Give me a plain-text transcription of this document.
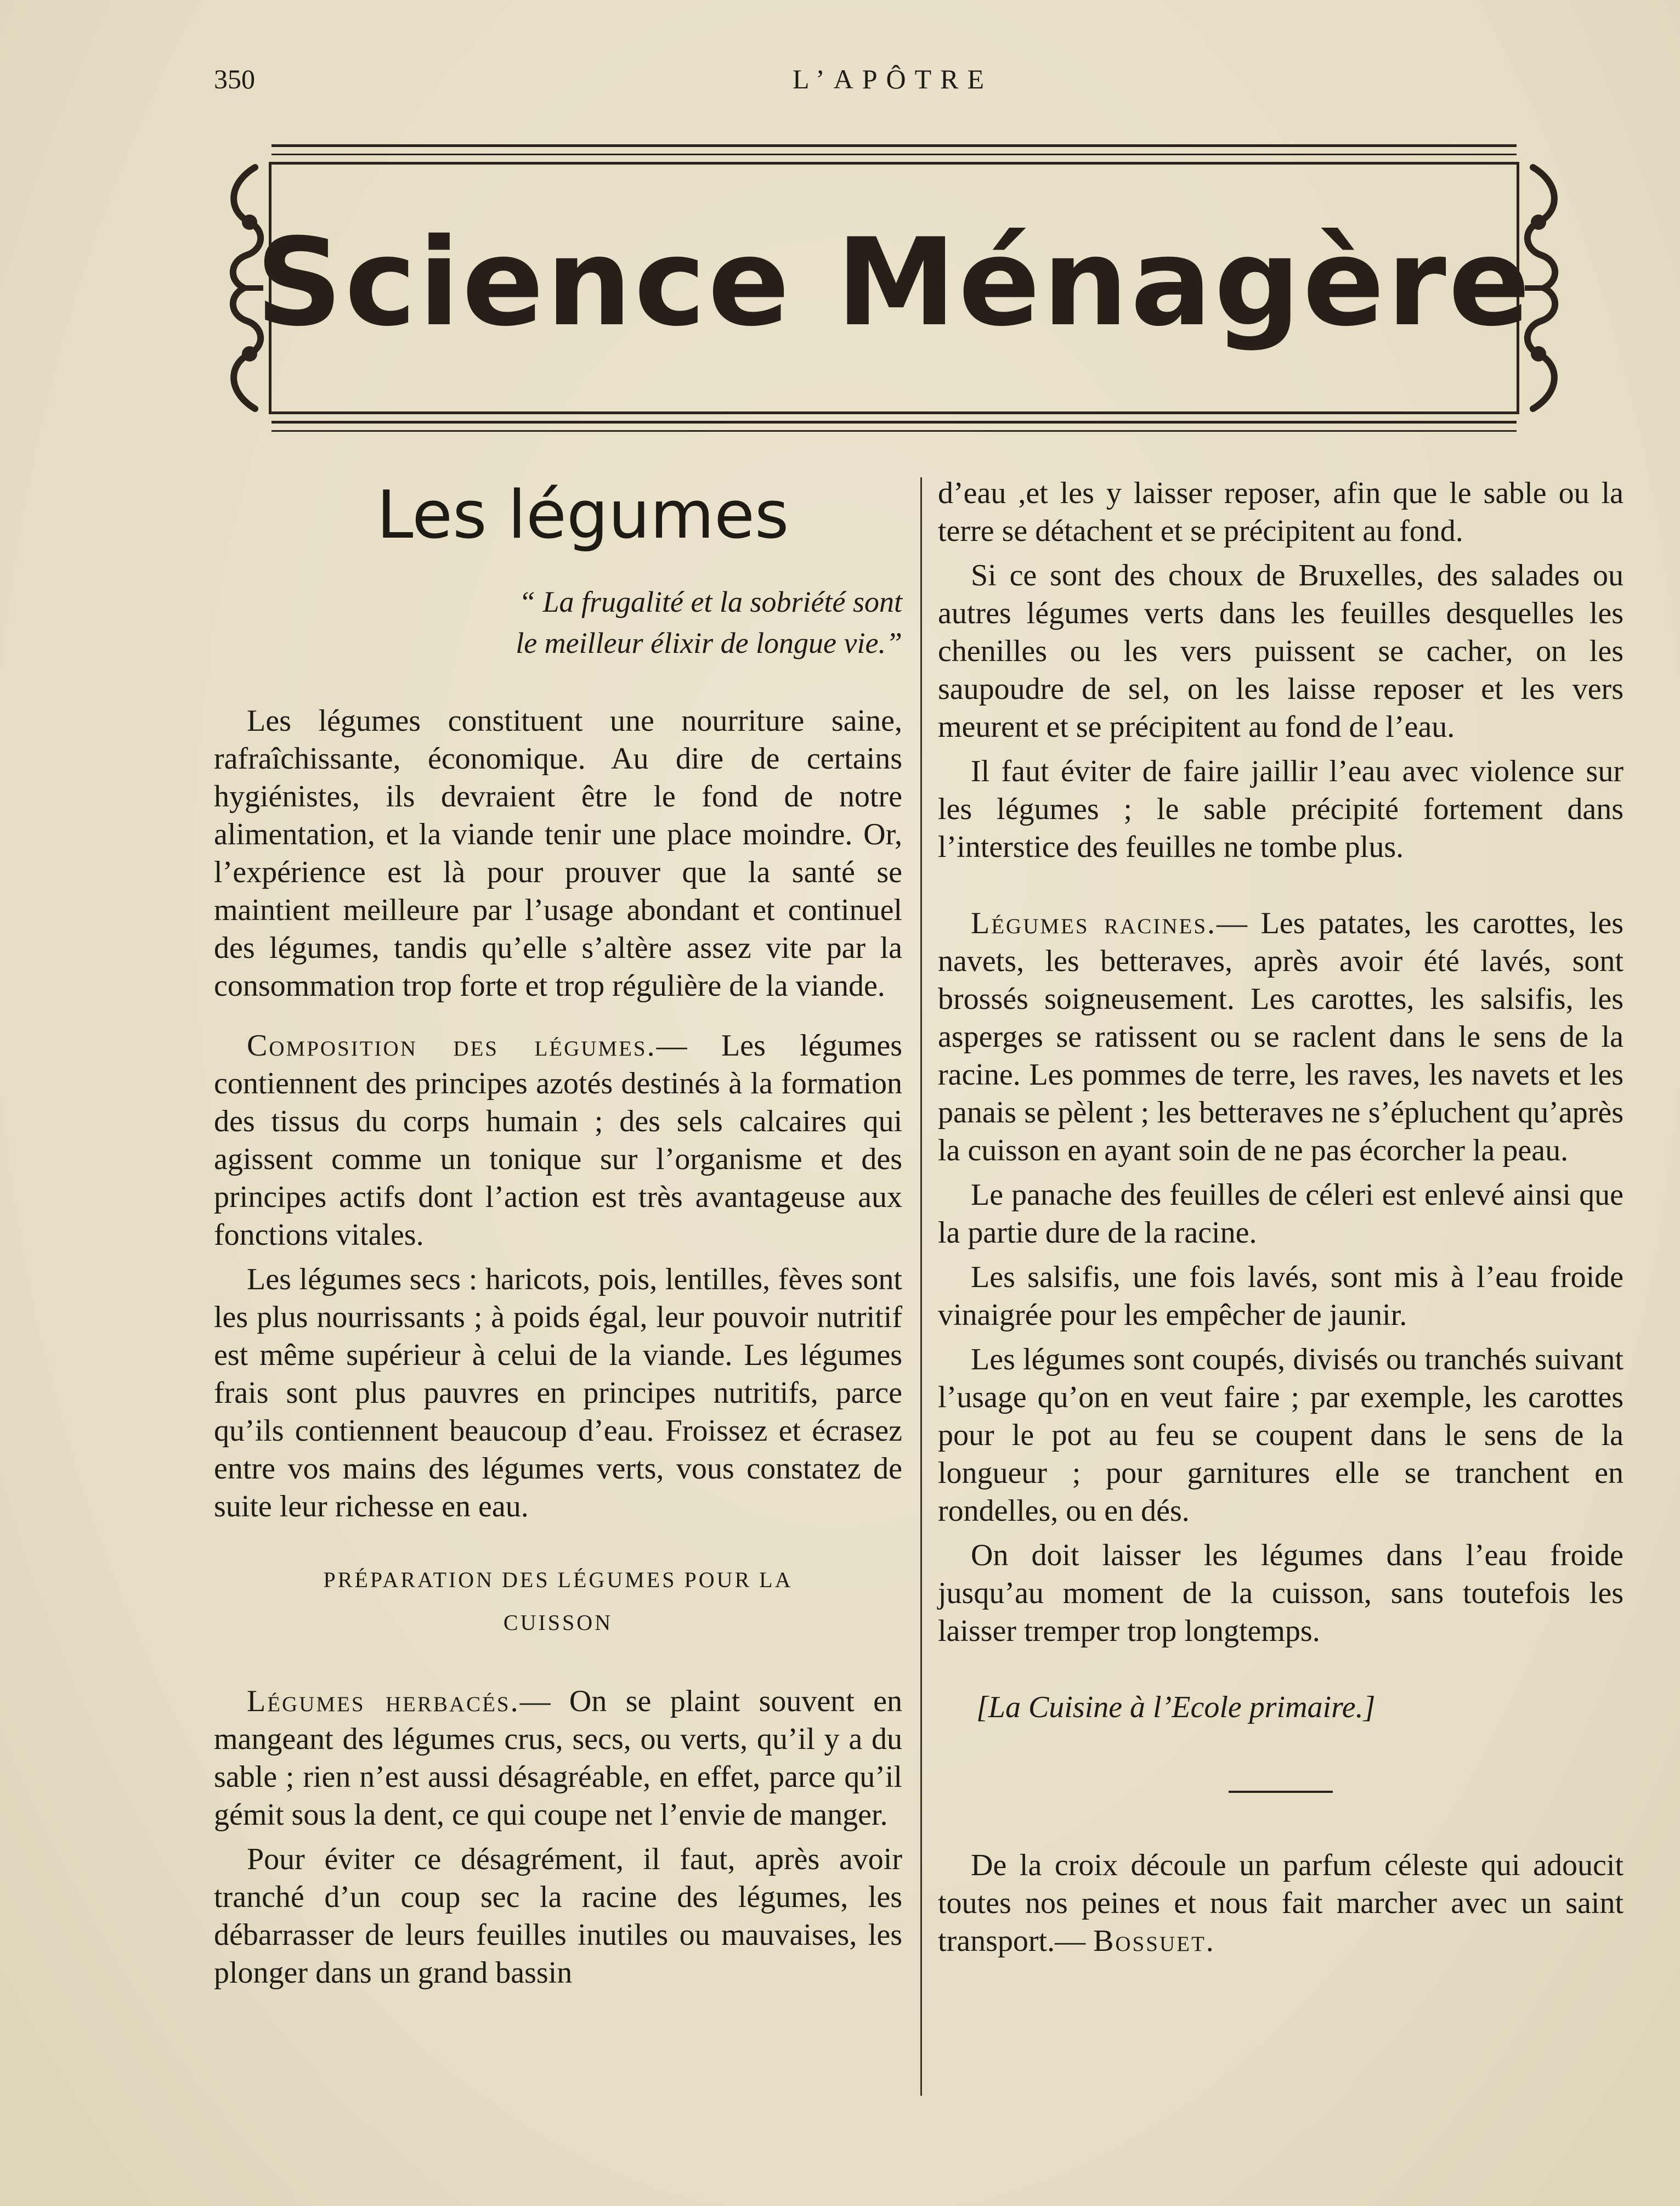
350	L’APÔTRE
Science Ménagère
Les légumes
“ La frugalité et la sobriété sont
le meilleur élixir de longue vie.”

Les légumes constituent une nourriture saine, rafraîchissante, économique. Au dire de certains hygiénistes, ils devraient être le fond de notre alimentation, et la viande tenir une place moindre. Or, l’expérience est là pour prouver que la santé se maintient meilleure par l’usage abondant et continuel des légumes, tandis qu’elle s’altère assez vite par la consommation trop forte et trop régulière de la viande.

Composition des légumes.— Les légumes contiennent des principes azotés destinés à la formation des tissus du corps humain ; des sels calcaires qui agissent comme un tonique sur l’organisme et des principes actifs dont l’action est très avantageuse aux fonctions vitales.

Les légumes secs : haricots, pois, lentilles, fèves sont les plus nourrissants ; à poids égal, leur pouvoir nutritif est même supérieur à celui de la viande. Les légumes frais sont plus pauvres en principes nutritifs, parce qu’ils contiennent beaucoup d’eau. Froissez et écrasez entre vos mains des légumes verts, vous constatez de suite leur richesse en eau.

PRÉPARATION DES LÉGUMES POUR LA
CUISSON

Légumes herbacés.— On se plaint souvent en mangeant des légumes crus, secs, ou verts, qu’il y a du sable ; rien n’est aussi désagréable, en effet, parce qu’il gémit sous la dent, ce qui coupe net l’envie de manger.

Pour éviter ce désagrément, il faut, après avoir tranché d’un coup sec la racine des légumes, les débarrasser de leurs feuilles inutiles ou mauvaises, les plonger dans un grand bassin

d’eau ,et les y laisser reposer, afin que le sable ou la terre se détachent et se précipitent au fond.

Si ce sont des choux de Bruxelles, des salades ou autres légumes verts dans les feuilles desquelles les chenilles ou les vers puissent se cacher, on les saupoudre de sel, on les laisse reposer et les vers meurent et se précipitent au fond de l’eau.

Il faut éviter de faire jaillir l’eau avec violence sur les légumes ; le sable précipité fortement dans l’interstice des feuilles ne tombe plus.

Légumes racines.— Les patates, les carottes, les navets, les betteraves, après avoir été lavés, sont brossés soigneusement. Les carottes, les salsifis, les asperges se ratissent ou se raclent dans le sens de la racine. Les pommes de terre, les raves, les navets et les panais se pèlent ; les betteraves ne s’épluchent qu’après la cuisson en ayant soin de ne pas écorcher la peau.

Le panache des feuilles de céleri est enlevé ainsi que la partie dure de la racine.

Les salsifis, une fois lavés, sont mis à l’eau froide vinaigrée pour les empêcher de jaunir.

Les légumes sont coupés, divisés ou tranchés suivant l’usage qu’on en veut faire ; par exemple, les carottes pour le pot au feu se coupent dans le sens de la longueur ; pour garnitures elle se tranchent en rondelles, ou en dés.

On doit laisser les légumes dans l’eau froide jusqu’au moment de la cuisson, sans toutefois les laisser tremper trop longtemps.

[La Cuisine à l’Ecole primaire.]

De la croix découle un parfum céleste qui adoucit toutes nos peines et nous fait marcher avec un saint transport.— Bossuet.
